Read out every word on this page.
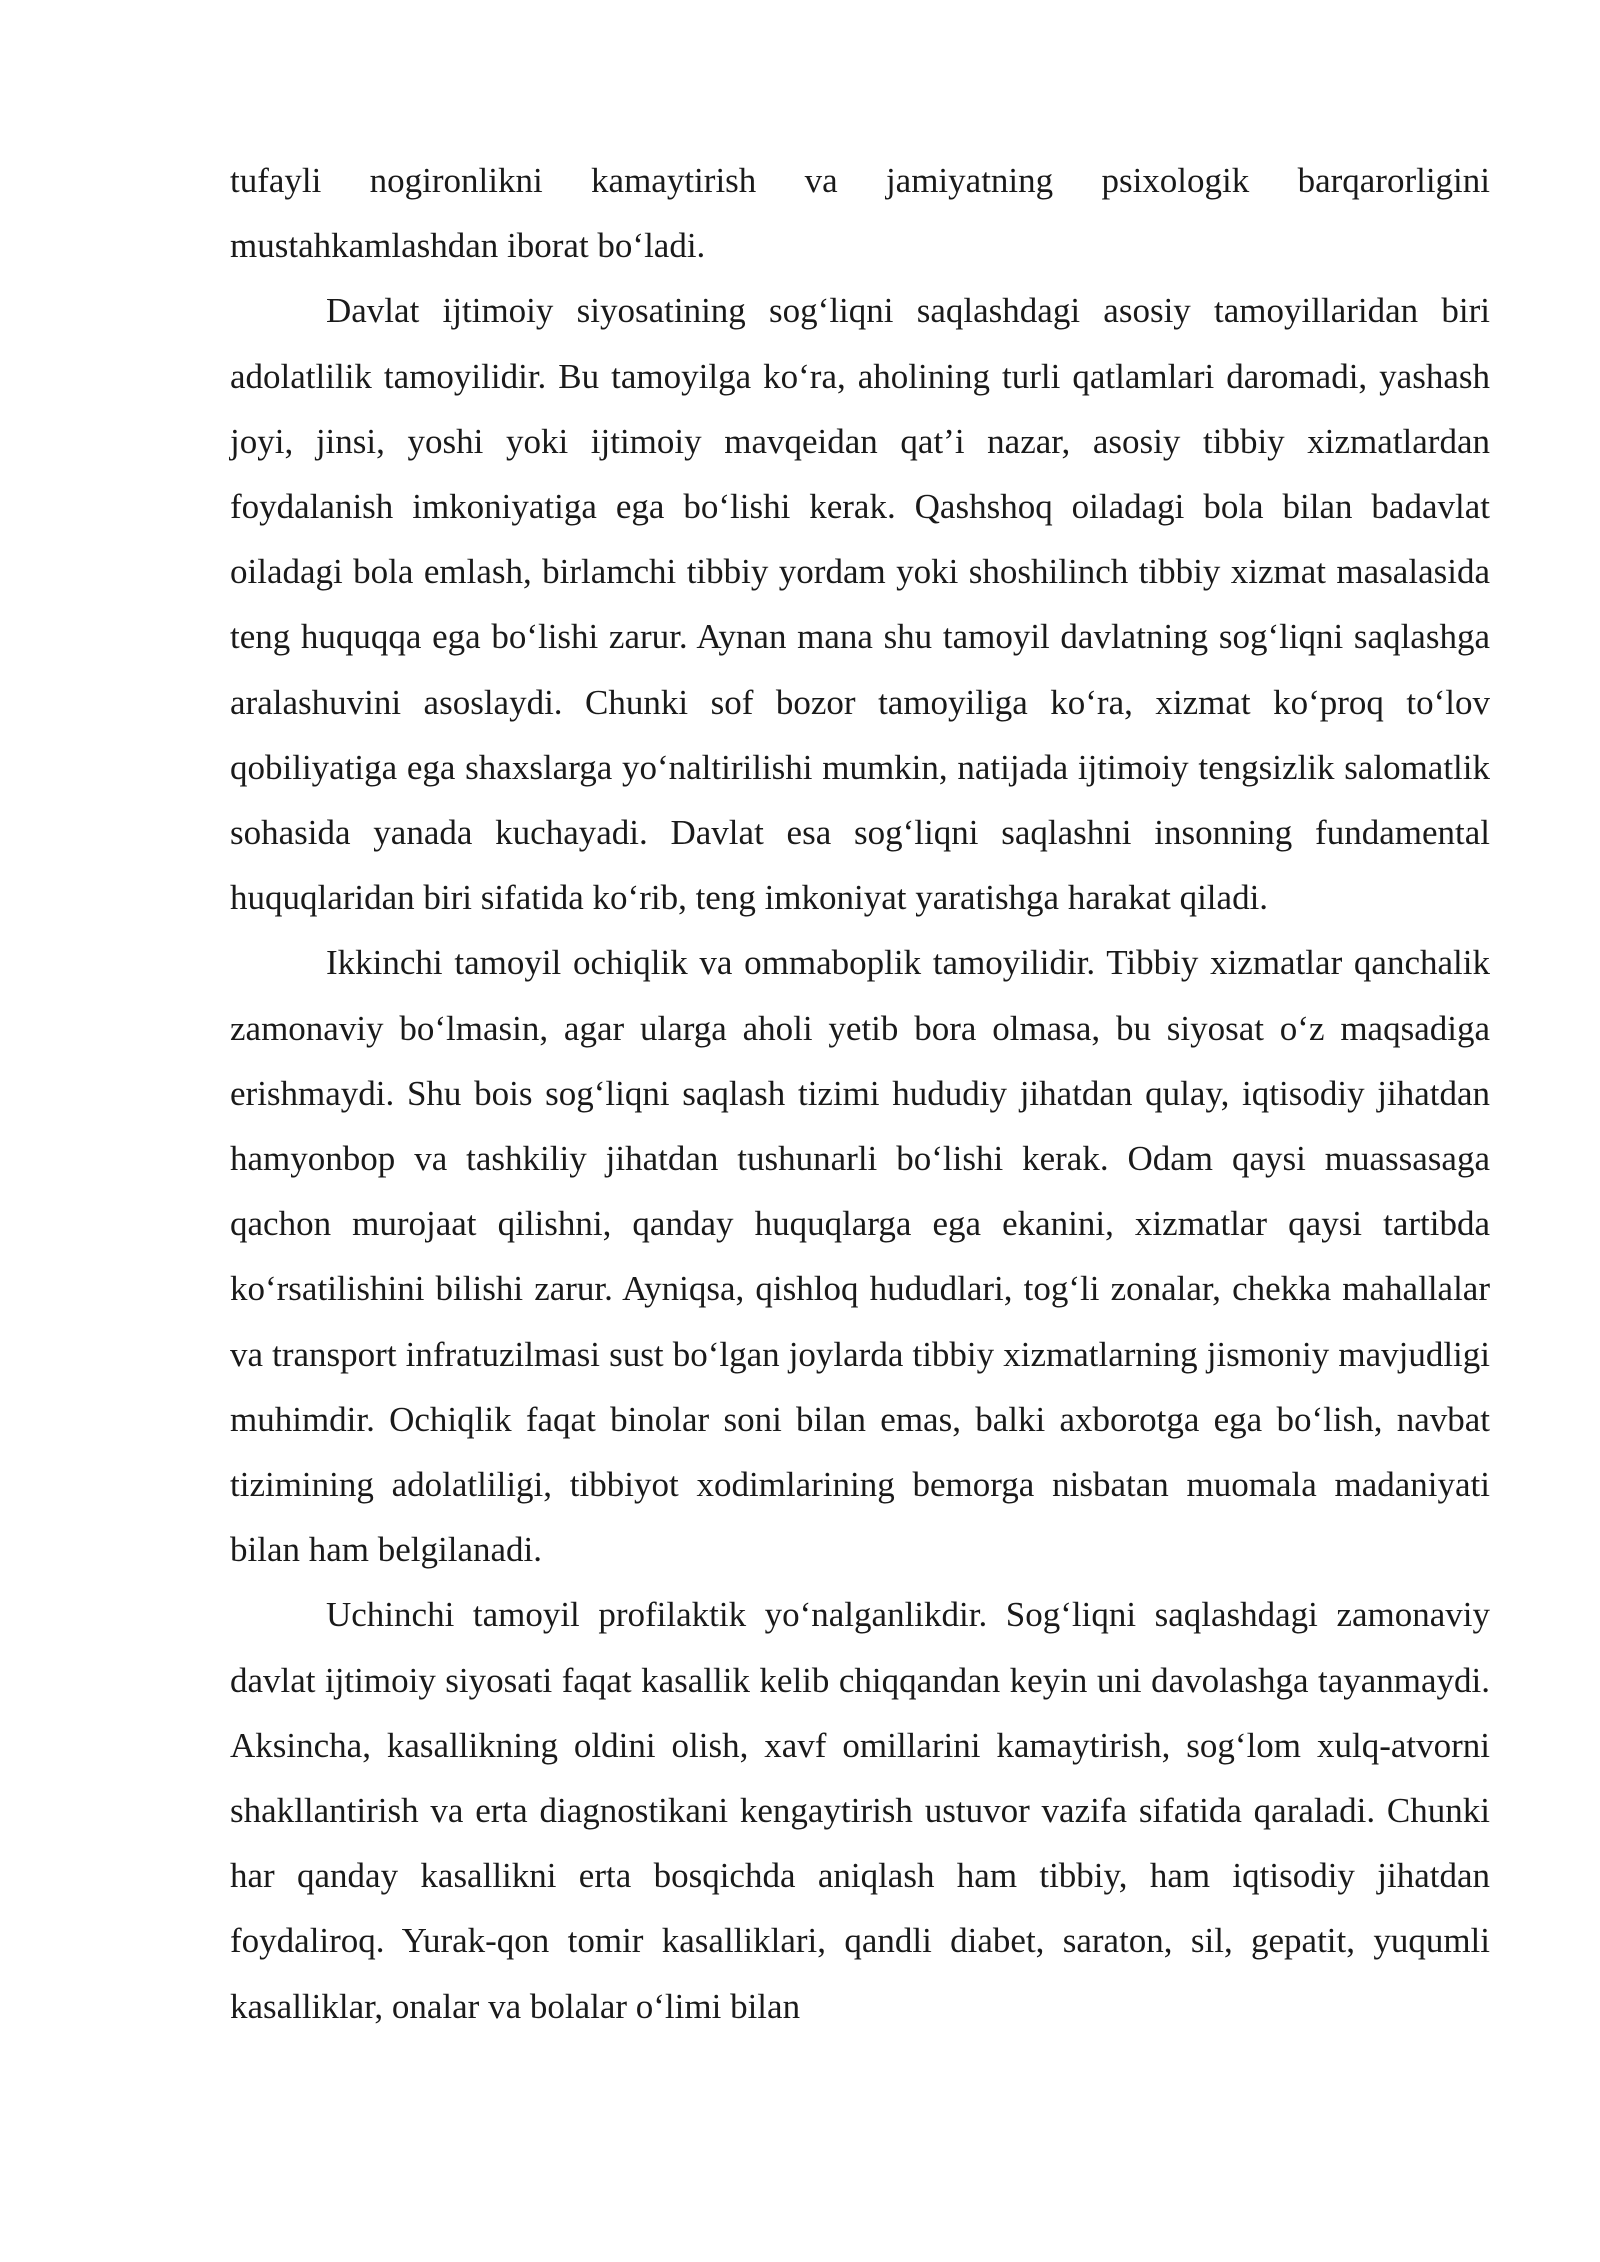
tufayli nogironlikni kamaytirish va jamiyatning psixologik barqarorligini mustahkamlashdan iborat bo‘ladi.

Davlat ijtimoiy siyosatining sog‘liqni saqlashdagi asosiy tamoyillaridan biri adolatlilik tamoyilidir. Bu tamoyilga ko‘ra, aholining turli qatlamlari daromadi, yashash joyi, jinsi, yoshi yoki ijtimoiy mavqeidan qat’i nazar, asosiy tibbiy xizmatlardan foydalanish imkoniyatiga ega bo‘lishi kerak. Qashshoq oiladagi bola bilan badavlat oiladagi bola emlash, birlamchi tibbiy yordam yoki shoshilinch tibbiy xizmat masalasida teng huquqqa ega bo‘lishi zarur. Aynan mana shu tamoyil davlatning sog‘liqni saqlashga aralashuvini asoslaydi. Chunki sof bozor tamoyiliga ko‘ra, xizmat ko‘proq to‘lov qobiliyatiga ega shaxslarga yo‘naltirilishi mumkin, natijada ijtimoiy tengsizlik salomatlik sohasida yanada kuchayadi. Davlat esa sog‘liqni saqlashni insonning fundamental huquqlaridan biri sifatida ko‘rib, teng imkoniyat yaratishga harakat qiladi.

Ikkinchi tamoyil ochiqlik va ommaboplik tamoyilidir. Tibbiy xizmatlar qanchalik zamonaviy bo‘lmasin, agar ularga aholi yetib bora olmasa, bu siyosat o‘z maqsadiga erishmaydi. Shu bois sog‘liqni saqlash tizimi hududiy jihatdan qulay, iqtisodiy jihatdan hamyonbop va tashkiliy jihatdan tushunarli bo‘lishi kerak. Odam qaysi muassasaga qachon murojaat qilishni, qanday huquqlarga ega ekanini, xizmatlar qaysi tartibda ko‘rsatilishini bilishi zarur. Ayniqsa, qishloq hududlari, tog‘li zonalar, chekka mahallalar va transport infratuzilmasi sust bo‘lgan joylarda tibbiy xizmatlarning jismoniy mavjudligi muhimdir. Ochiqlik faqat binolar soni bilan emas, balki axborotga ega bo‘lish, navbat tizimining adolatliligi, tibbiyot xodimlarining bemorga nisbatan muomala madaniyati bilan ham belgilanadi.

Uchinchi tamoyil profilaktik yo‘nalganlikdir. Sog‘liqni saqlashdagi zamonaviy davlat ijtimoiy siyosati faqat kasallik kelib chiqqandan keyin uni davolashga tayanmaydi. Aksincha, kasallikning oldini olish, xavf omillarini kamaytirish, sog‘lom xulq-atvorni shakllantirish va erta diagnostikani kengaytirish ustuvor vazifa sifatida qaraladi. Chunki har qanday kasallikni erta bosqichda aniqlash ham tibbiy, ham iqtisodiy jihatdan foydaliroq. Yurak-qon tomir kasalliklari, qandli diabet, saraton, sil, gepatit, yuqumli kasalliklar, onalar va bolalar o‘limi bilan
